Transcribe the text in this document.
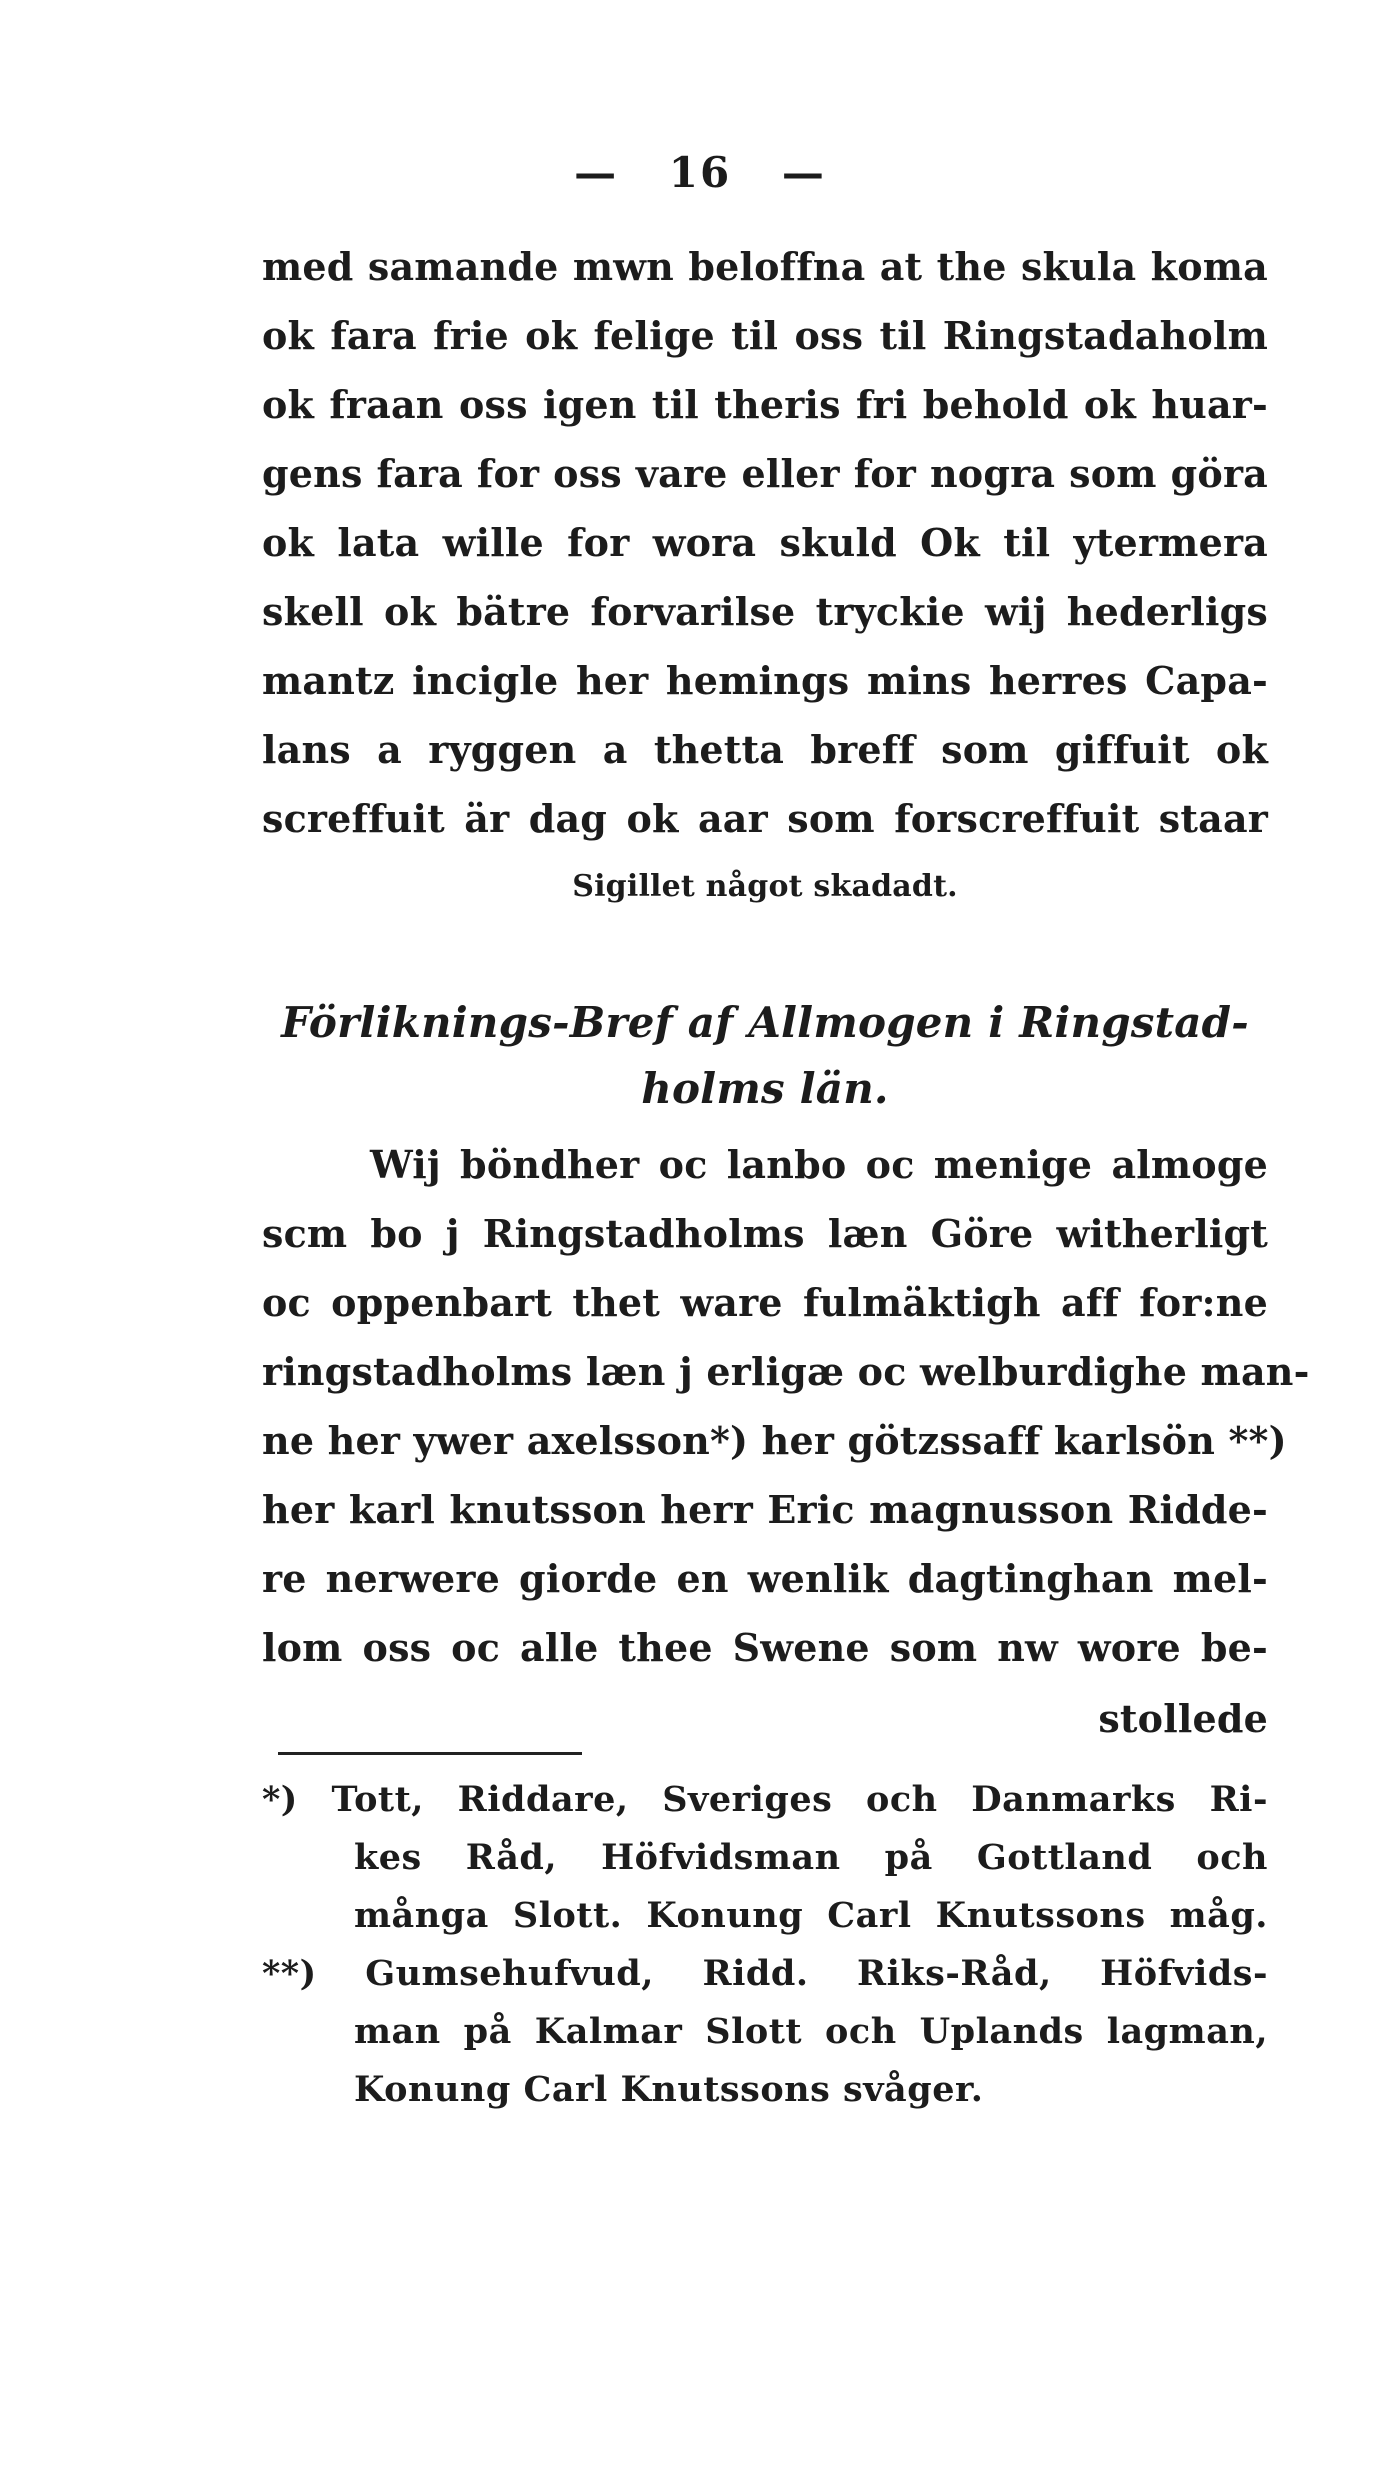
— 16 —
med samande mwn beloffna at the skula koma
ok fara frie ok felige til oss til Ringstadaholm
ok fraan oss igen til theris fri behold ok huar-
gens fara for oss vare eller for nogra som göra
ok lata wille for wora skuld Ok til ytermera
skell ok bätre forvarilse tryckie wij hederligs
mantz incigle her hemings mins herres Capa-
lans a ryggen a thetta breff som giffuit ok
screffuit är dag ok aar som forscreffuit staar
Sigillet något skadadt.
Förliknings-Bref af Allmogen i Ringstad-
holms län.
Wij böndher oc lanbo oc menige almoge
scm bo j Ringstadholms læn Göre witherligt
oc oppenbart thet ware fulmäktigh aff for:ne
ringstadholms læn j erligæ oc welburdighe man-
ne her ywer axelsson*) her götzssaff karlsön **)
her karl knutsson herr Eric magnusson Ridde-
re nerwere giorde en wenlik dagtinghan mel-
lom oss oc alle thee Swene som nw wore be-
stollede
*) Tott, Riddare, Sveriges och Danmarks Ri-
kes Råd, Höfvidsman på Gottland och
många Slott. Konung Carl Knutssons måg.
**) Gumsehufvud, Ridd. Riks-Råd, Höfvids-
man på Kalmar Slott och Uplands lagman,
Konung Carl Knutssons svåger.
